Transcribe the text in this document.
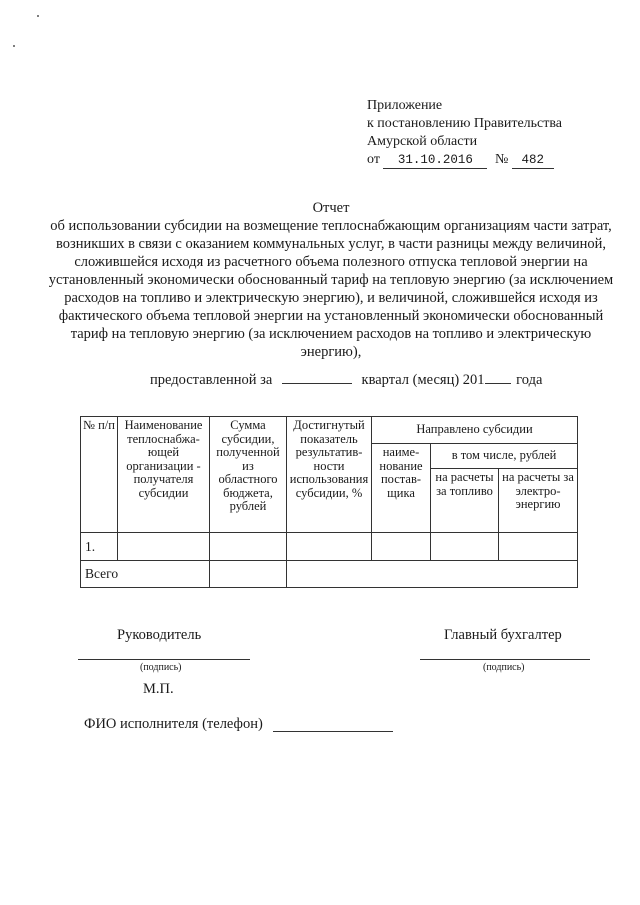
Приложение
к постановлению Правительства
Амурской области
от 31.10.2016 № 482
Отчет
об использовании субсидии на возмещение теплоснабжающим организациям части затрат, возникших в связи с оказанием коммунальных услуг, в части разницы между величиной, сложившейся исходя из расчетного объема полезного отпуска тепловой энергии на установленный экономически обоснованный тариф на тепловую энергию (за исключением расходов на топливо и электрическую энергию), и величиной, сложившейся исходя из фактического объема тепловой энергии на установленный экономически обоснованный тариф на тепловую энергию (за исключением расходов на топливо и электрическую энергию),
предоставленной за	квартал (месяц) 201 года
№ п/п	Наименование теплоснабжа-ющей организации - получателя субсидии	Сумма субсидии, полученной из областного бюджета, рублей	Достигнутый показатель результатив-ности использования субсидии, %	Направлено субсидии		
				наиме-нование постав-щика	в том числе, рублей	
					на расчеты за топливо	на расчеты за электро-энергию
1.						
Всего						
Руководитель	Главный бухгалтер
(подпись)	(подпись)
М.П.
ФИО исполнителя (телефон)
